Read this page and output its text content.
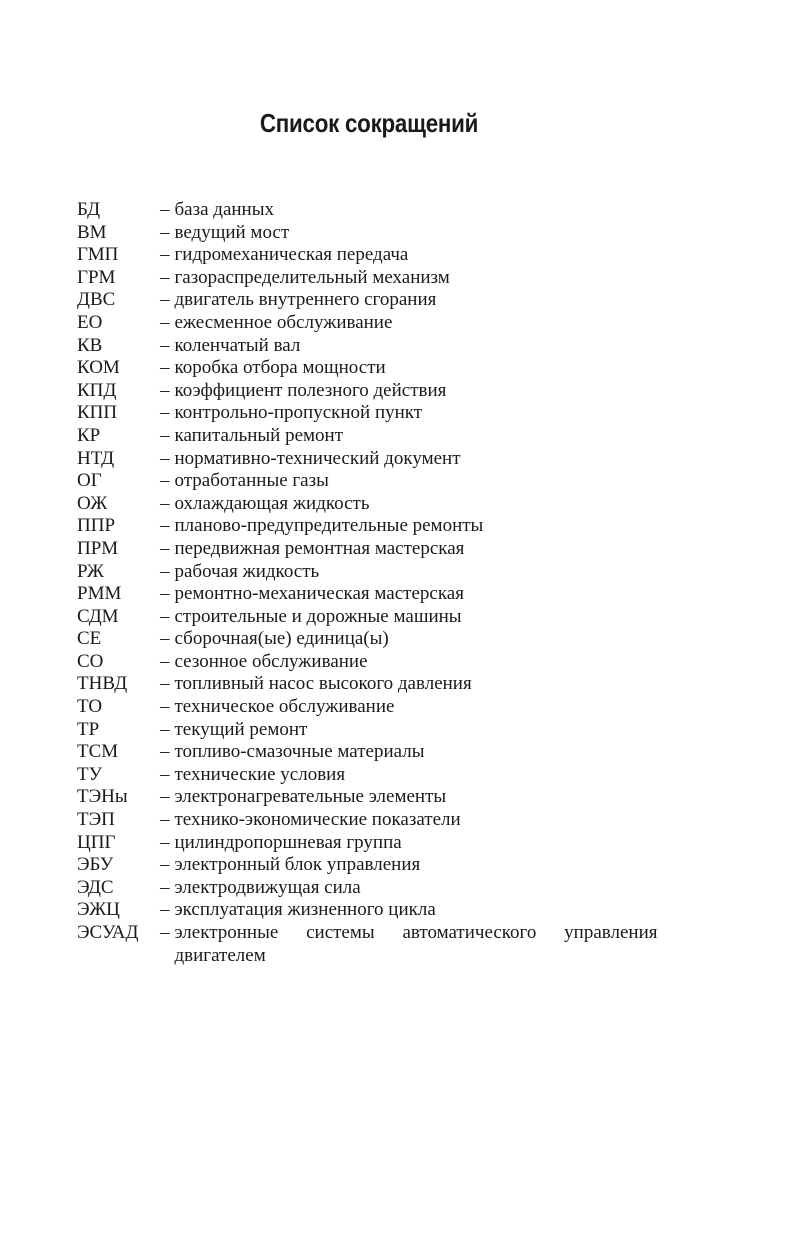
Список сокращений
БД	– база данных
ВМ	– ведущий мост
ГМП	– гидромеханическая передача
ГРМ	– газораспределительный механизм
ДВС	– двигатель внутреннего сгорания
ЕО	– ежесменное обслуживание
КВ	– коленчатый вал
КОМ	– коробка отбора мощности
КПД	– коэффициент полезного действия
КПП	– контрольно-пропускной пункт
КР	– капитальный ремонт
НТД	– нормативно-технический документ
ОГ	– отработанные газы
ОЖ	– охлаждающая жидкость
ППР	– планово-предупредительные ремонты
ПРМ	– передвижная ремонтная мастерская
РЖ	– рабочая жидкость
РММ	– ремонтно-механическая мастерская
СДМ	– строительные и дорожные машины
СЕ	– сборочная(ые) единица(ы)
СО	– сезонное обслуживание
ТНВД	– топливный насос высокого давления
ТО	– техническое обслуживание
ТР	– текущий ремонт
ТСМ	– топливо-смазочные материалы
ТУ	– технические условия
ТЭНы	– электронагревательные элементы
ТЭП	– технико-экономические показатели
ЦПГ	– цилиндропоршневая группа
ЭБУ	– электронный блок управления
ЭДС	– электродвижущая сила
ЭЖЦ	– эксплуатация жизненного цикла
ЭСУАД	– электронные системы автоматического управления двигателем
